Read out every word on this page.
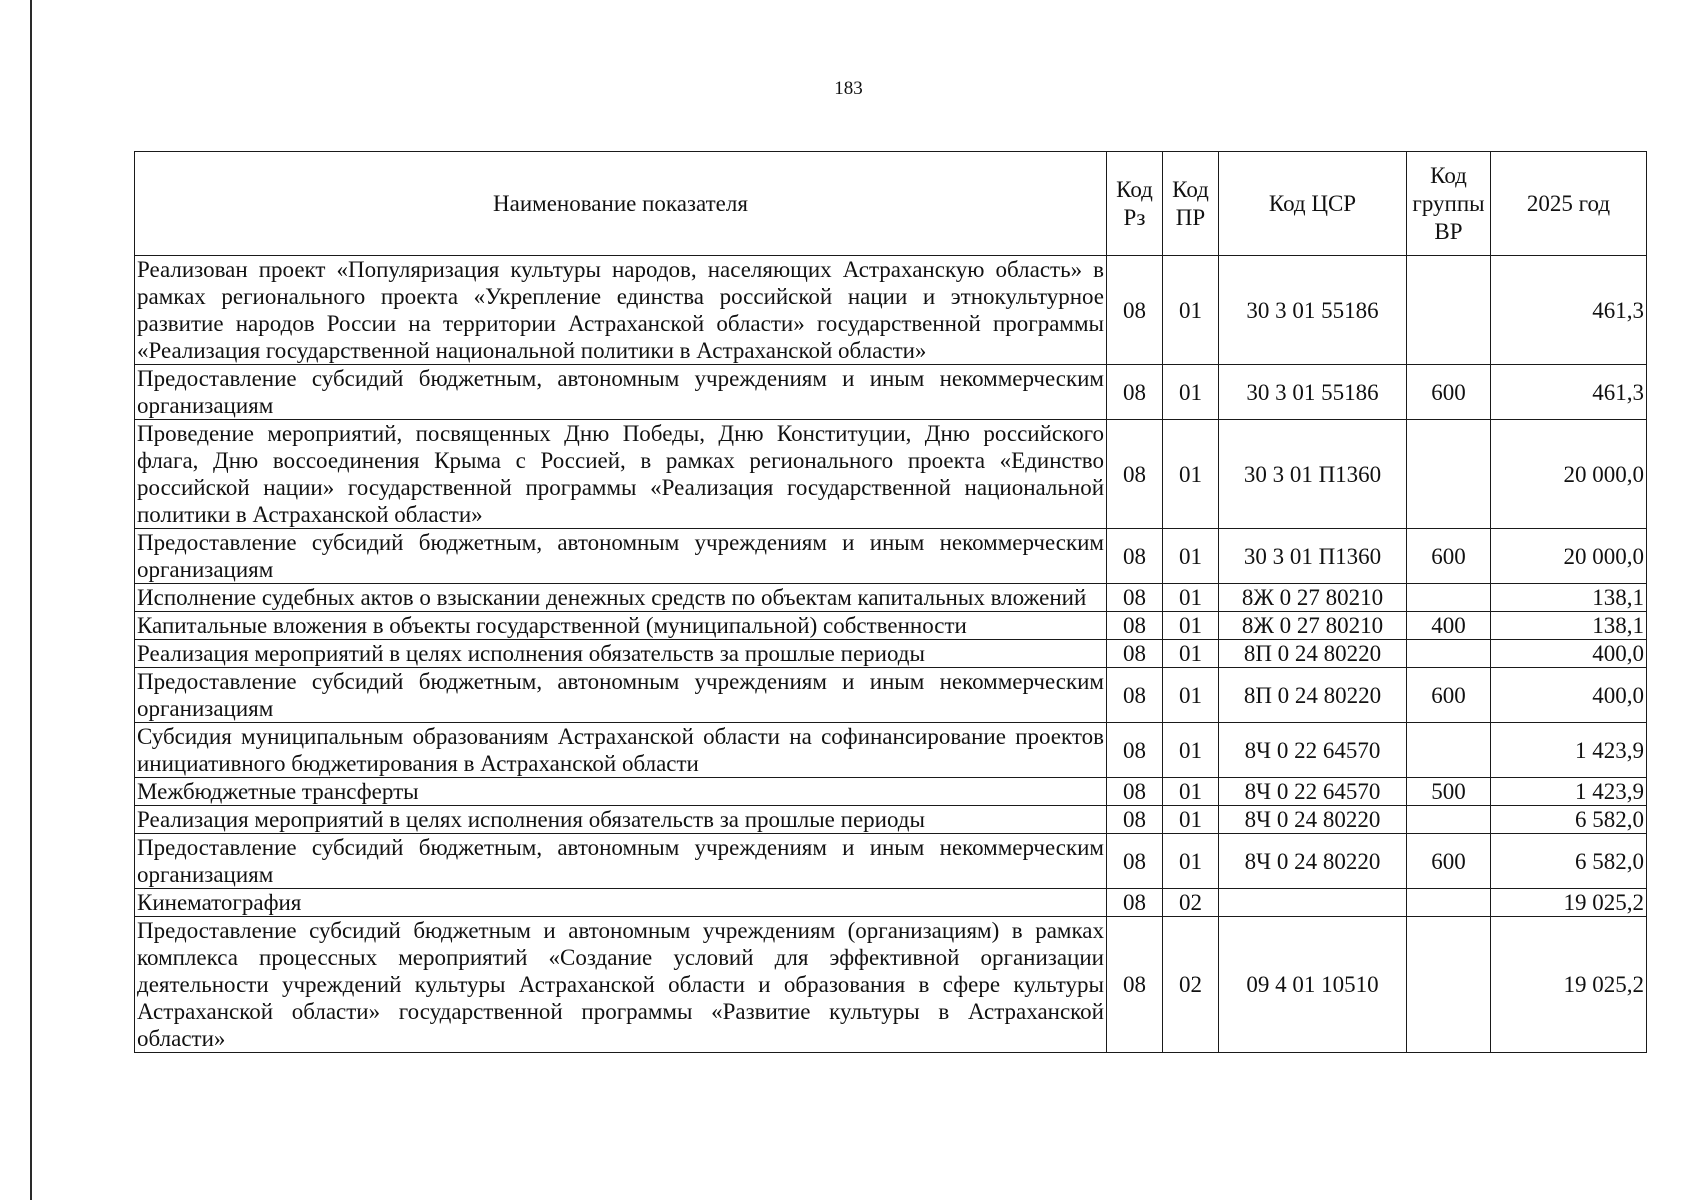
183
Наименование показателя	Код Рз	Код ПР	Код ЦСР	Код группы ВР	2025 год
Реализован проект «Популяризация культуры народов, населяющих Астраханскую область» в рамках регионального проекта «Укрепление единства российской нации и этнокультурное развитие народов России на территории Астраханской области» государственной программы «Реализация государственной национальной политики в Астраханской области»	08	01	30 3 01 55186		461,3
Предоставление субсидий бюджетным, автономным учреждениям и иным некоммерческим организациям	08	01	30 3 01 55186	600	461,3
Проведение мероприятий, посвященных Дню Победы, Дню Конституции, Дню российского флага, Дню воссоединения Крыма с Россией, в рамках регионального проекта «Единство российской нации» государственной программы «Реализация государственной национальной политики в Астраханской области»	08	01	30 3 01 П1360		20 000,0
Предоставление субсидий бюджетным, автономным учреждениям и иным некоммерческим организациям	08	01	30 3 01 П1360	600	20 000,0
Исполнение судебных актов о взыскании денежных средств по объектам капитальных вложений	08	01	8Ж 0 27 80210		138,1
Капитальные вложения в объекты государственной (муниципальной) собственности	08	01	8Ж 0 27 80210	400	138,1
Реализация мероприятий в целях исполнения обязательств за прошлые периоды	08	01	8П 0 24 80220		400,0
Предоставление субсидий бюджетным, автономным учреждениям и иным некоммерческим организациям	08	01	8П 0 24 80220	600	400,0
Субсидия муниципальным образованиям Астраханской области на софинансирование проектов инициативного бюджетирования в Астраханской области	08	01	8Ч 0 22 64570		1 423,9
Межбюджетные трансферты	08	01	8Ч 0 22 64570	500	1 423,9
Реализация мероприятий в целях исполнения обязательств за прошлые периоды	08	01	8Ч 0 24 80220		6 582,0
Предоставление субсидий бюджетным, автономным учреждениям и иным некоммерческим организациям	08	01	8Ч 0 24 80220	600	6 582,0
Кинематография	08	02			19 025,2
Предоставление субсидий бюджетным и автономным учреждениям (организациям) в рамках комплекса процессных мероприятий «Создание условий для эффективной организации деятельности учреждений культуры Астраханской области и образования в сфере культуры Астраханской области» государственной программы «Развитие культуры в Астраханской области»	08	02	09 4 01 10510		19 025,2
